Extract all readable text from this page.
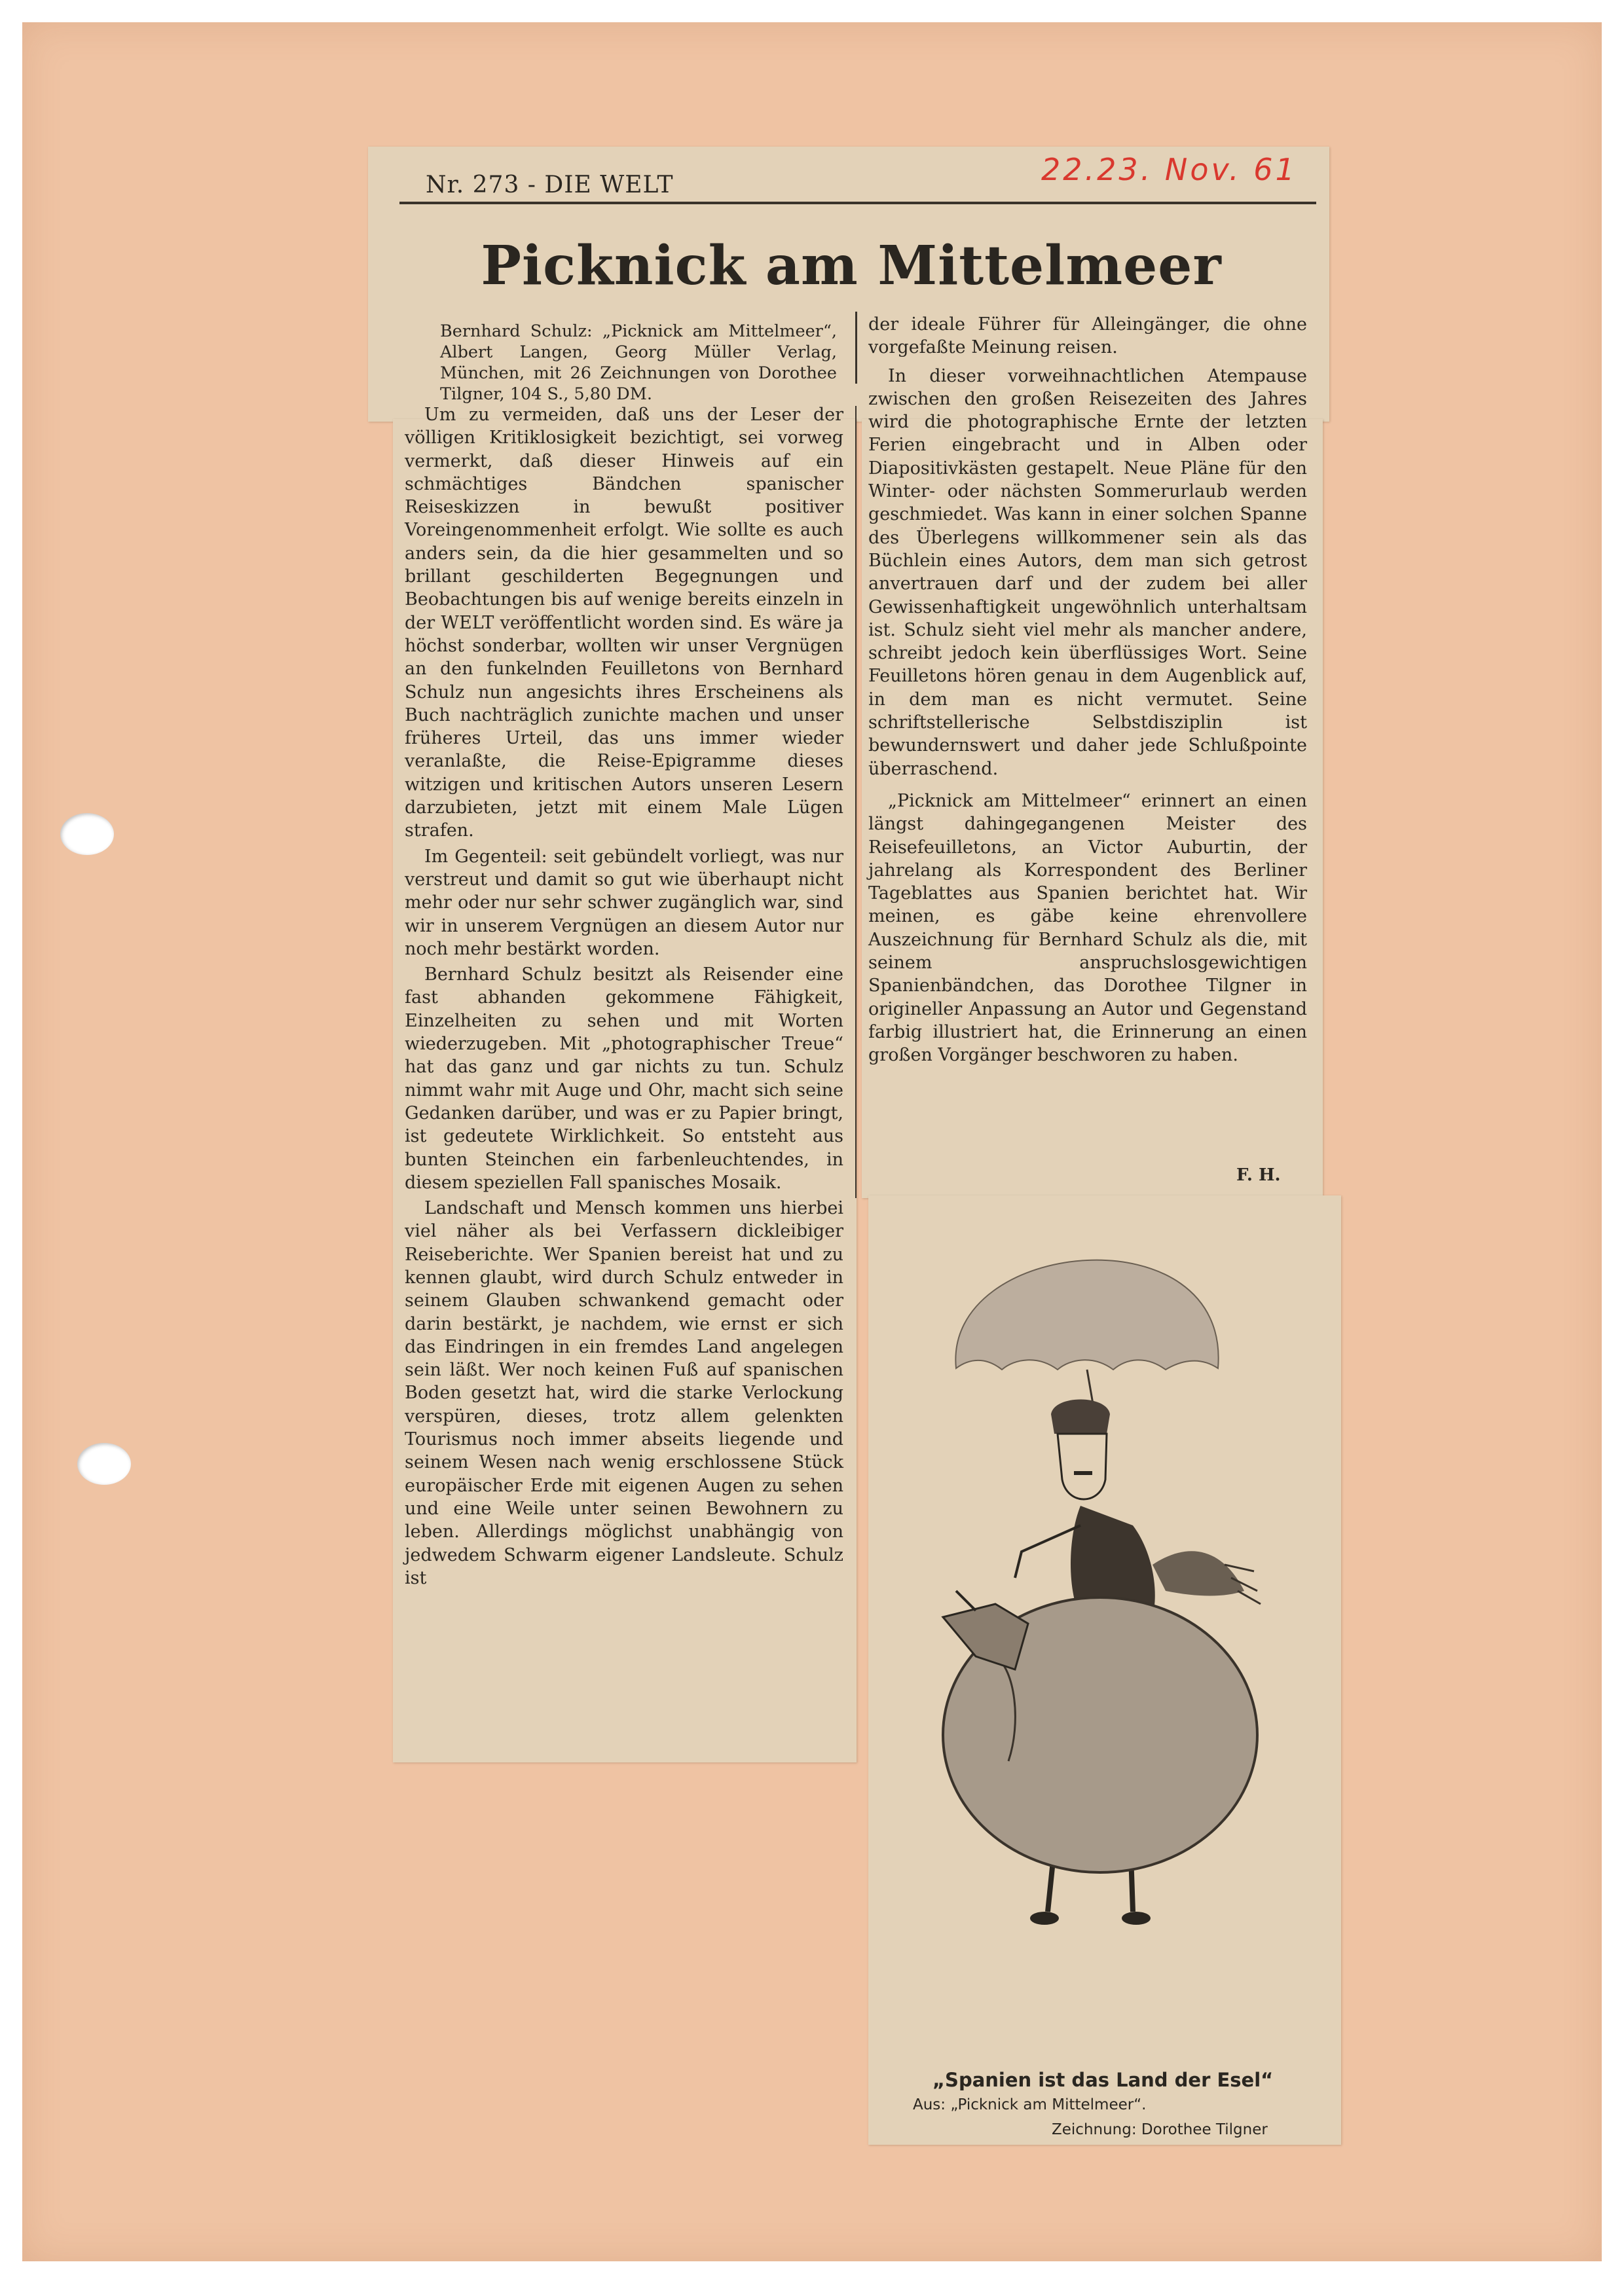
Nr. 273 - DIE WELT	22.23. Nov. 61
Picknick am Mittelmeer

Bernhard Schulz: „Picknick am Mittelmeer“, Albert Langen, Georg Müller Verlag, München, mit 26 Zeichnungen von Dorothee Tilgner, 104 S., 5,80 DM.

Um zu vermeiden, daß uns der Leser der völligen Kritiklosigkeit bezichtigt, sei vorweg vermerkt, daß dieser Hinweis auf ein schmächtiges Bändchen spanischer Reiseskizzen in bewußt positiver Voreingenommenheit erfolgt. Wie sollte es auch anders sein, da die hier gesammelten und so brillant geschilderten Begegnungen und Beobachtungen bis auf wenige bereits einzeln in der WELT veröffentlicht worden sind. Es wäre ja höchst sonderbar, wollten wir unser Vergnügen an den funkelnden Feuilletons von Bernhard Schulz nun angesichts ihres Erscheinens als Buch nachträglich zunichte machen und unser früheres Urteil, das uns immer wieder veranlaßte, die Reise-Epigramme dieses witzigen und kritischen Autors unseren Lesern darzubieten, jetzt mit einem Male Lügen strafen.

Im Gegenteil: seit gebündelt vorliegt, was nur verstreut und damit so gut wie überhaupt nicht mehr oder nur sehr schwer zugänglich war, sind wir in unserem Vergnügen an diesem Autor nur noch mehr bestärkt worden.

Bernhard Schulz besitzt als Reisender eine fast abhanden gekommene Fähigkeit, Einzelheiten zu sehen und mit Worten wiederzugeben. Mit „photographischer Treue“ hat das ganz und gar nichts zu tun. Schulz nimmt wahr mit Auge und Ohr, macht sich seine Gedanken darüber, und was er zu Papier bringt, ist gedeutete Wirklichkeit. So entsteht aus bunten Steinchen ein farbenleuchtendes, in diesem speziellen Fall spanisches Mosaik.

Landschaft und Mensch kommen uns hierbei viel näher als bei Verfassern dickleibiger Reiseberichte. Wer Spanien bereist hat und zu kennen glaubt, wird durch Schulz entweder in seinem Glauben schwankend gemacht oder darin bestärkt, je nachdem, wie ernst er sich das Eindringen in ein fremdes Land angelegen sein läßt. Wer noch keinen Fuß auf spanischen Boden gesetzt hat, wird die starke Verlockung verspüren, dieses, trotz allem gelenkten Tourismus noch immer abseits liegende und seinem Wesen nach wenig erschlossene Stück europäischer Erde mit eigenen Augen zu sehen und eine Weile unter seinen Bewohnern zu leben. Allerdings möglichst unabhängig von jedwedem Schwarm eigener Landsleute. Schulz ist

der ideale Führer für Alleingänger, die ohne vorgefaßte Meinung reisen.

In dieser vorweihnachtlichen Atempause zwischen den großen Reisezeiten des Jahres wird die photographische Ernte der letzten Ferien eingebracht und in Alben oder Diapositivkästen gestapelt. Neue Pläne für den Winter- oder nächsten Sommerurlaub werden geschmiedet. Was kann in einer solchen Spanne des Überlegens willkommener sein als das Büchlein eines Autors, dem man sich getrost anvertrauen darf und der zudem bei aller Gewissenhaftigkeit ungewöhnlich unterhaltsam ist. Schulz sieht viel mehr als mancher andere, schreibt jedoch kein überflüssiges Wort. Seine Feuilletons hören genau in dem Augenblick auf, in dem man es nicht vermutet. Seine schriftstellerische Selbstdisziplin ist bewundernswert und daher jede Schlußpointe überraschend.

„Picknick am Mittelmeer“ erinnert an einen längst dahingegangenen Meister des Reisefeuilletons, an Victor Auburtin, der jahrelang als Korrespondent des Berliner Tageblattes aus Spanien berichtet hat. Wir meinen, es gäbe keine ehrenvollere Auszeichnung für Bernhard Schulz als die, mit seinem anspruchslosgewichtigen Spanienbändchen, das Dorothee Tilgner in origineller Anpassung an Autor und Gegenstand farbig illustriert hat, die Erinnerung an einen großen Vorgänger beschworen zu haben.

F. H.
„Spanien ist das Land der Esel“
Aus: „Picknick am Mittelmeer“.
Zeichnung: Dorothee Tilgner
